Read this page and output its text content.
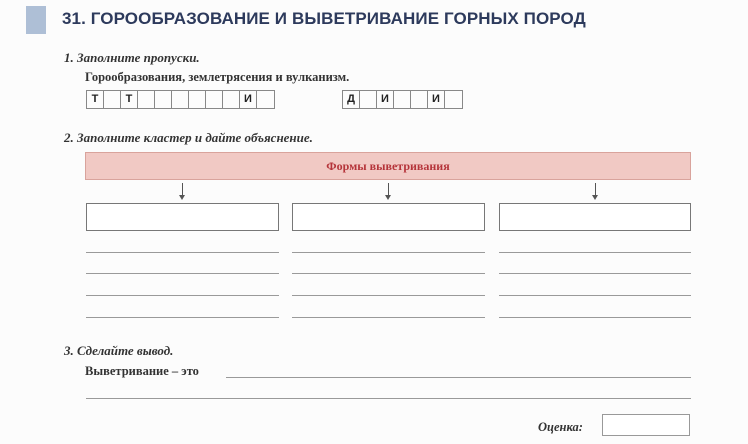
31. ГОРООБРАЗОВАНИЕ И ВЫВЕТРИВАНИЕ ГОРНЫХ ПОРОД
1. Заполните пропуски.
Горообразования, землетрясения и вулканизм.
Т	Т	И	Д	И	И
2. Заполните кластер и дайте объяснение.
Формы выветривания
3. Сделайте вывод.
Выветривание – это
Оценка:
